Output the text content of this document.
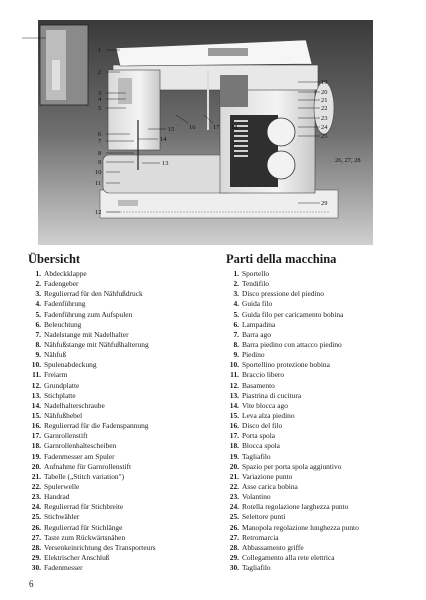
1
2
3
4
5
6
7
8
9
10
11
12
13
14
15 16	17 18
19
20
21
22
23
24
25
26, 27, 28
29
Übersicht
1. Abdeckklappe
2. Fadengeber
3. Regulierrad für den Nähfußdruck
4. Fadenführung
5. Fadenführung zum Aufspulen
6. Beleuchtung
7. Nadelstange mit Nadelhalter
8. Nähfußstange mit Nähfußhalterung
9. Nähfuß
10. Spulenabdeckung
11. Freiarm
12. Grundplatte
13. Stichplatte
14. Nadelhalterschraube
15. Nähfußhebel
16. Regulierrad für die Fadenspannung
17. Garnrollenstift
18. Garnrollenhaltescheiben
19. Fadenmesser am Spuler
20. Aufnahme für Garnrollenstift
21. Tabelle („Stitch variation")
22. Spulerwelle
23. Handrad
24. Regulierrad für Stichbreite
25. Stichwähler
26. Regulierrad für Stichlänge
27. Taste zum Rückwärtsnähen
28. Versenkeinrichtung des Transporteurs
29. Elektrischer Anschluß
30. Fadenmesser
Parti della macchina
1. Sportello
2. Tendifilo
3. Disco pressione del piedino
4. Guida filo
5. Guida filo per caricamento bobina
6. Lampadina
7. Barra ago
8. Barra piedino con attacco piedino
9. Piedino
10. Sportellino protezione bobina
11. Braccio libero
12. Basamento
13. Piastrina di cucitura
14. Vite blocca ago
15. Leva alza piedino
16. Disco del filo
17. Porta spola
18. Blocca spola
19. Tagliafilo
20. Spazio per porta spola aggiuntivo
21. Variazione punto
22. Asse carica bobina
23. Volantino
24. Rotella regolazione larghezza punto
25. Selettore punti
26. Manopola regolazione lunghezza punto
27. Retromarcia
28. Abbassamento griffe
29. Collegamento alla rete elettrica
30. Tagliafilo
6
